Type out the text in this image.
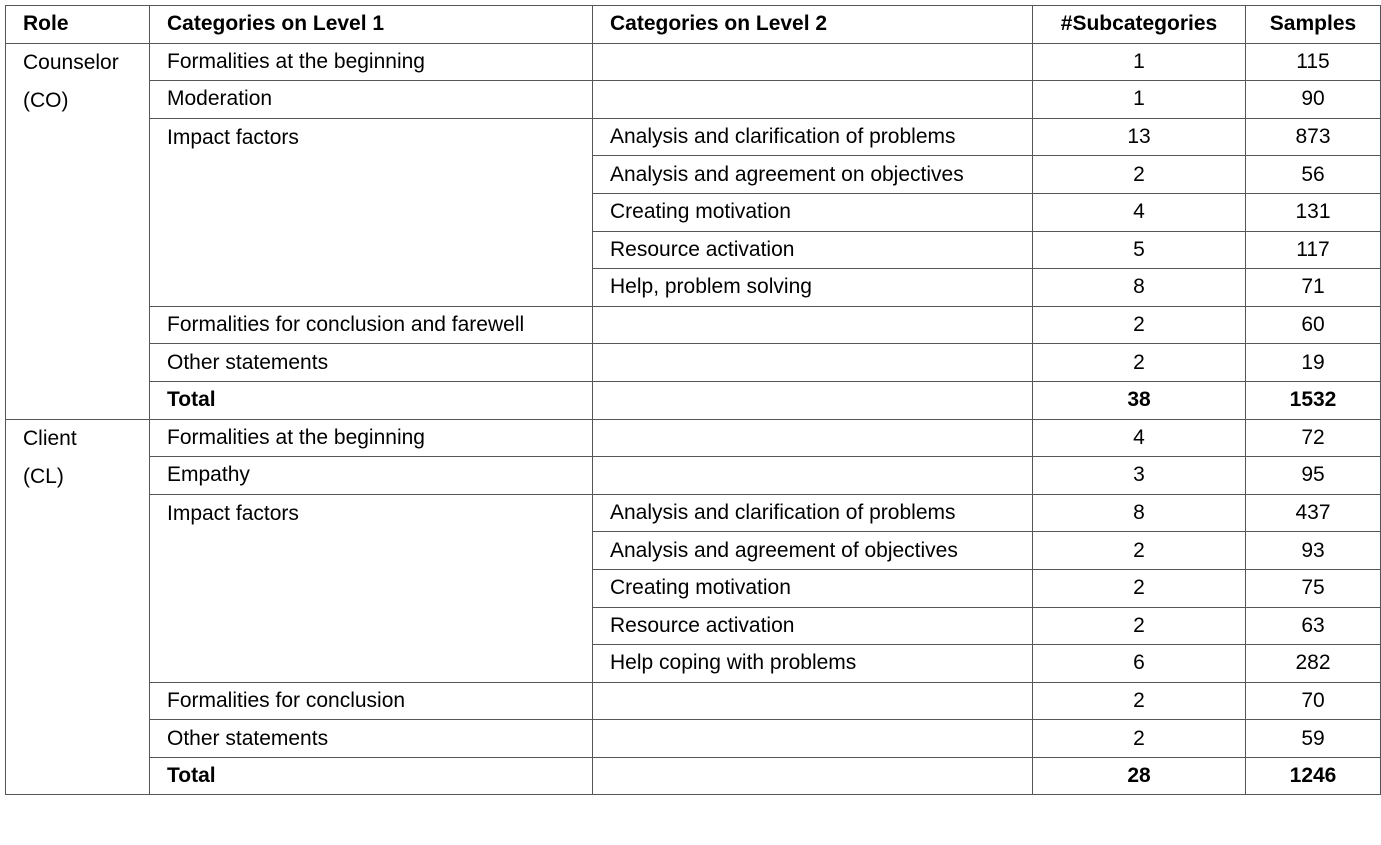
Role	Categories on Level 1	Categories on Level 2	#Subcategories	Samples

Counselor
(CO)	Formalities at the beginning		1	115
	Moderation		1	90
	Impact factors	Analysis and clarification of problems	13	873
		Analysis and agreement on objectives	2	56
		Creating motivation	4	131
		Resource activation	5	117
		Help, problem solving	8	71
	Formalities for conclusion and farewell		2	60
	Other statements		2	19
	Total		38	1532

Client
(CL)	Formalities at the beginning		4	72
	Empathy		3	95
	Impact factors	Analysis and clarification of problems	8	437
		Analysis and agreement of objectives	2	93
		Creating motivation	2	75
		Resource activation	2	63
		Help coping with problems	6	282
	Formalities for conclusion		2	70
	Other statements		2	59
	Total		28	1246
